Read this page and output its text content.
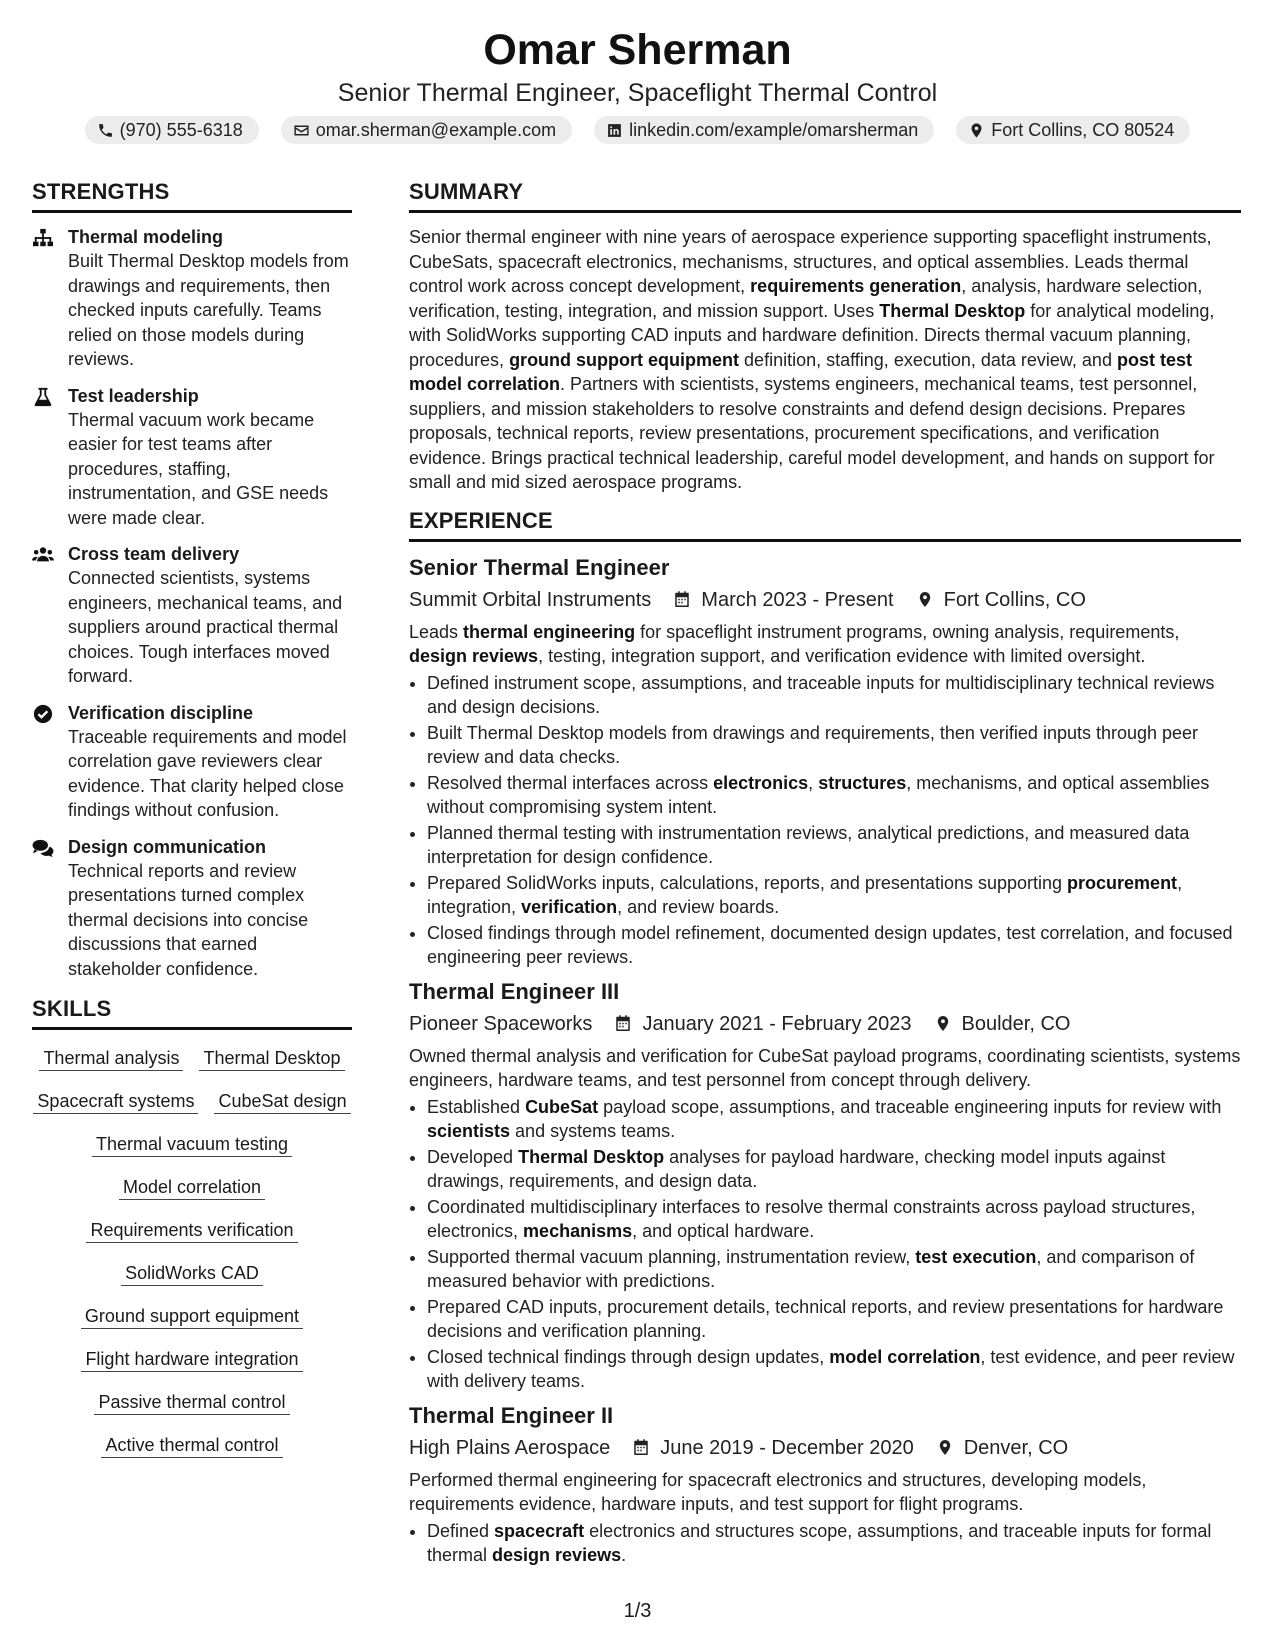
Omar Sherman

Senior Thermal Engineer, Spaceflight Thermal Control

(970) 555-6318	omar.sherman@example.com	linkedin.com/example/omarsherman	Fort Collins, CO 80524
STRENGTHS
Thermal modeling
Built Thermal Desktop models from drawings and requirements, then checked inputs carefully. Teams relied on those models during reviews.
Test leadership
Thermal vacuum work became easier for test teams after procedures, staffing, instrumentation, and GSE needs were made clear.
Cross team delivery
Connected scientists, systems engineers, mechanical teams, and suppliers around practical thermal choices. Tough interfaces moved forward.
Verification discipline
Traceable requirements and model correlation gave reviewers clear evidence. That clarity helped close findings without confusion.
Design communication
Technical reports and review presentations turned complex thermal decisions into concise discussions that earned stakeholder confidence.
SKILLS
Thermal analysis Thermal Desktop
Spacecraft systems CubeSat design
Thermal vacuum testing
Model correlation
Requirements verification
SolidWorks CAD
Ground support equipment
Flight hardware integration
Passive thermal control
Active thermal control
SUMMARY

Senior thermal engineer with nine years of aerospace experience supporting spaceflight instruments, CubeSats, spacecraft electronics, mechanisms, structures, and optical assemblies. Leads thermal control work across concept development, requirements generation, analysis, hardware selection, verification, testing, integration, and mission support. Uses Thermal Desktop for analytical modeling, with SolidWorks supporting CAD inputs and hardware definition. Directs thermal vacuum planning, procedures, ground support equipment definition, staffing, execution, data review, and post test model correlation. Partners with scientists, systems engineers, mechanical teams, test personnel, suppliers, and mission stakeholders to resolve constraints and defend design decisions. Prepares proposals, technical reports, review presentations, procurement specifications, and verification evidence. Brings practical technical leadership, careful model development, and hands on support for small and mid sized aerospace programs.

EXPERIENCE
Senior Thermal Engineer
Summit Orbital Instruments	March 2023 - Present	Fort Collins, CO

Leads thermal engineering for spaceflight instrument programs, owning analysis, requirements, design reviews, testing, integration support, and verification evidence with limited oversight.

• Defined instrument scope, assumptions, and traceable inputs for multidisciplinary technical reviews and design decisions.
• Built Thermal Desktop models from drawings and requirements, then verified inputs through peer review and data checks.
• Resolved thermal interfaces across electronics, structures, mechanisms, and optical assemblies without compromising system intent.
• Planned thermal testing with instrumentation reviews, analytical predictions, and measured data interpretation for design confidence.
• Prepared SolidWorks inputs, calculations, reports, and presentations supporting procurement, integration, verification, and review boards.
• Closed findings through model refinement, documented design updates, test correlation, and focused engineering peer reviews.
Thermal Engineer III
Pioneer Spaceworks	January 2021 - February 2023	Boulder, CO

Owned thermal analysis and verification for CubeSat payload programs, coordinating scientists, systems engineers, hardware teams, and test personnel from concept through delivery.

• Established CubeSat payload scope, assumptions, and traceable engineering inputs for review with scientists and systems teams.
• Developed Thermal Desktop analyses for payload hardware, checking model inputs against drawings, requirements, and design data.
• Coordinated multidisciplinary interfaces to resolve thermal constraints across payload structures, electronics, mechanisms, and optical hardware.
• Supported thermal vacuum planning, instrumentation review, test execution, and comparison of measured behavior with predictions.
• Prepared CAD inputs, procurement details, technical reports, and review presentations for hardware decisions and verification planning.
• Closed technical findings through design updates, model correlation, test evidence, and peer review with delivery teams.
Thermal Engineer II
High Plains Aerospace	June 2019 - December 2020	Denver, CO

Performed thermal engineering for spacecraft electronics and structures, developing models, requirements evidence, hardware inputs, and test support for flight programs.

• Defined spacecraft electronics and structures scope, assumptions, and traceable inputs for formal thermal design reviews.
1/3
